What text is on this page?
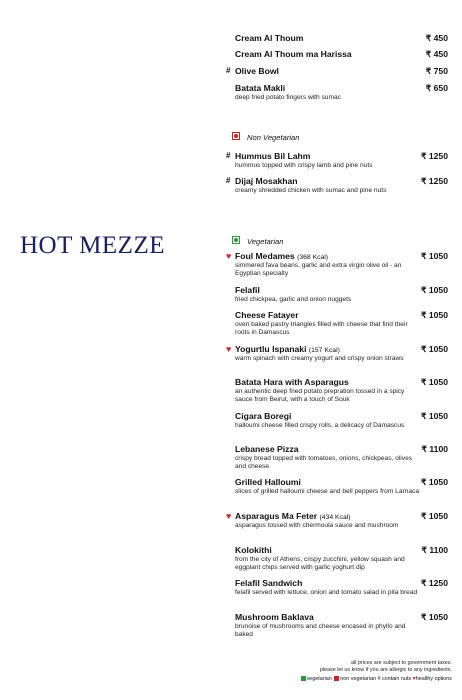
HOT MEZZE
Non Vegetarian
Vegetarian
all prices are subject to government taxes.
please let us know if you are allergic to any ingredients.
vegetarian non vegetarian # contain nuts ♥healthy options
Cream Al Thoum	₹ 450
Cream Al Thoum ma Harissa	₹ 450
# Olive Bowl	₹ 750
Batata Makli
deep fried potato fingers with sumac
₹ 650
# Hummus Bil Lahm
hummus topped with crispy lamb and pine nuts
₹ 1250
# Dijaj Mosakhan
creamy shredded chicken with sumac and pine nuts
₹ 1250
♥ Foul Medames (368 Kcal)
simmered fava beans, garlic and extra virgin olive oil - an Egyptian specialty
₹ 1050
Felafil
fried chickpea, garlic and onion nuggets
₹ 1050
Cheese Fatayer
oven baked pastry triangles filled with cheese that find their roots in Damascus
₹ 1050
♥ Yogurtlu Ispanaki (157 Kcal)
warm spinach with creamy yogurt and crispy onion straws
₹ 1050
Batata Hara with Asparagus
an authentic deep fried potato prepration tossed in a spicy sauce from Beirut, with a touch of Souk
₹ 1050
Cigara Boregi
halloumi cheese filled crispy rolls, a delicacy of Damascus
₹ 1050
Lebanese Pizza
crispy bread topped with tomatoes, onions, chickpeas, olives and cheese
₹ 1100
Grilled Halloumi
slices of grilled halloumi cheese and bell peppers from Larnaca
₹ 1050
♥ Asparagus Ma Feter (434 Kcal)
asparagus tossed with chermoula sauce and mushroom
₹ 1050
Kolokithi
from the city of Athens, crispy zucchini, yellow squash and eggplant chips served with garlic yoghurt dip
₹ 1100
Felafil Sandwich
felafil served with lettuce, onion and tomato salad in pita bread
₹ 1250
Mushroom Baklava
brunoise of mushrooms and cheese encased in phyllo and baked
₹ 1050
